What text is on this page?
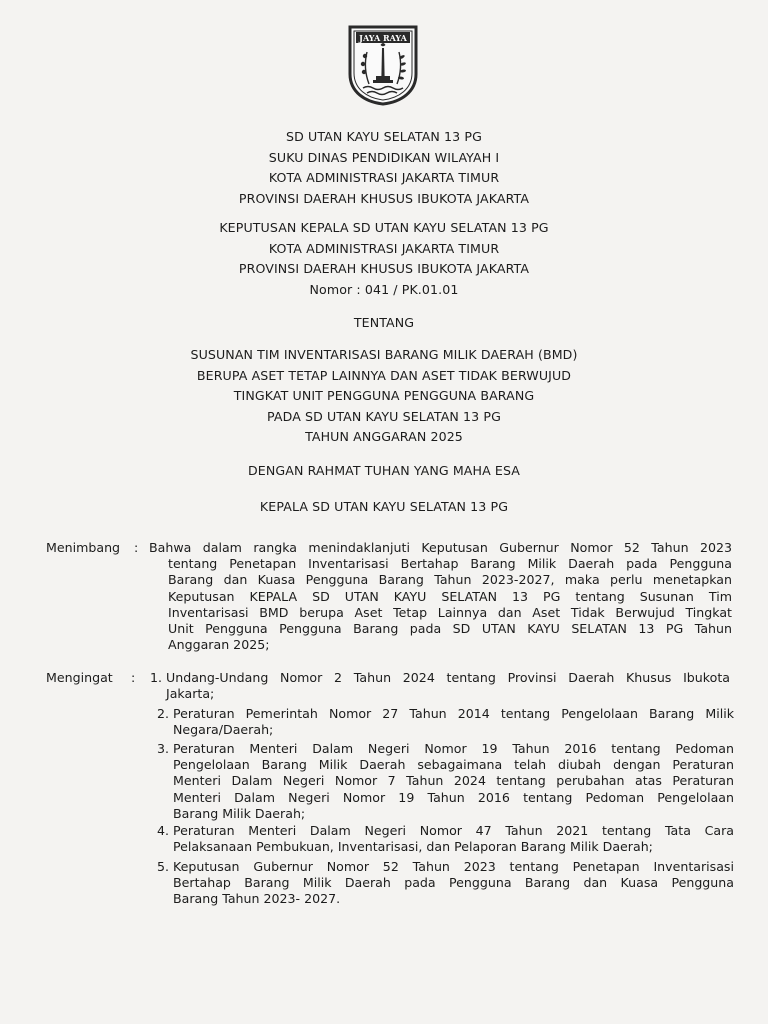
JAYA RAYA
SD UTAN KAYU SELATAN 13 PG
SUKU DINAS PENDIDIKAN WILAYAH I
KOTA ADMINISTRASI JAKARTA TIMUR
PROVINSI DAERAH KHUSUS IBUKOTA JAKARTA
KEPUTUSAN KEPALA SD UTAN KAYU SELATAN 13 PG
KOTA ADMINISTRASI JAKARTA TIMUR
PROVINSI DAERAH KHUSUS IBUKOTA JAKARTA
Nomor : 041 / PK.01.01
TENTANG
SUSUNAN TIM INVENTARISASI BARANG MILIK DAERAH (BMD)
BERUPA ASET TETAP LAINNYA DAN ASET TIDAK BERWUJUD
TINGKAT UNIT PENGGUNA PENGGUNA BARANG
PADA SD UTAN KAYU SELATAN 13 PG
TAHUN ANGGARAN 2025
DENGAN RAHMAT TUHAN YANG MAHA ESA
KEPALA SD UTAN KAYU SELATAN 13 PG
Menimbang : Bahwa dalam rangka menindaklanjuti Keputusan Gubernur Nomor 52 Tahun 2023
tentang Penetapan Inventarisasi Bertahap Barang Milik Daerah pada Pengguna
Barang dan Kuasa Pengguna Barang Tahun 2023-2027, maka perlu menetapkan
Keputusan KEPALA SD UTAN KAYU SELATAN 13 PG tentang Susunan Tim
Inventarisasi BMD berupa Aset Tetap Lainnya dan Aset Tidak Berwujud Tingkat
Unit Pengguna Pengguna Barang pada SD UTAN KAYU SELATAN 13 PG Tahun
Anggaran 2025;
Mengingat : 1. Undang-Undang Nomor 2 Tahun 2024 tentang Provinsi Daerah Khusus Ibukota
Jakarta;
2. Peraturan Pemerintah Nomor 27 Tahun 2014 tentang Pengelolaan Barang Milik
Negara/Daerah;
3. Peraturan Menteri Dalam Negeri Nomor 19 Tahun 2016 tentang Pedoman
Pengelolaan Barang Milik Daerah sebagaimana telah diubah dengan Peraturan
Menteri Dalam Negeri Nomor 7 Tahun 2024 tentang perubahan atas Peraturan
Menteri Dalam Negeri Nomor 19 Tahun 2016 tentang Pedoman Pengelolaan
Barang Milik Daerah;
4. Peraturan Menteri Dalam Negeri Nomor 47 Tahun 2021 tentang Tata Cara
Pelaksanaan Pembukuan, Inventarisasi, dan Pelaporan Barang Milik Daerah;
5. Keputusan Gubernur Nomor 52 Tahun 2023 tentang Penetapan Inventarisasi
Bertahap Barang Milik Daerah pada Pengguna Barang dan Kuasa Pengguna
Barang Tahun 2023- 2027.
